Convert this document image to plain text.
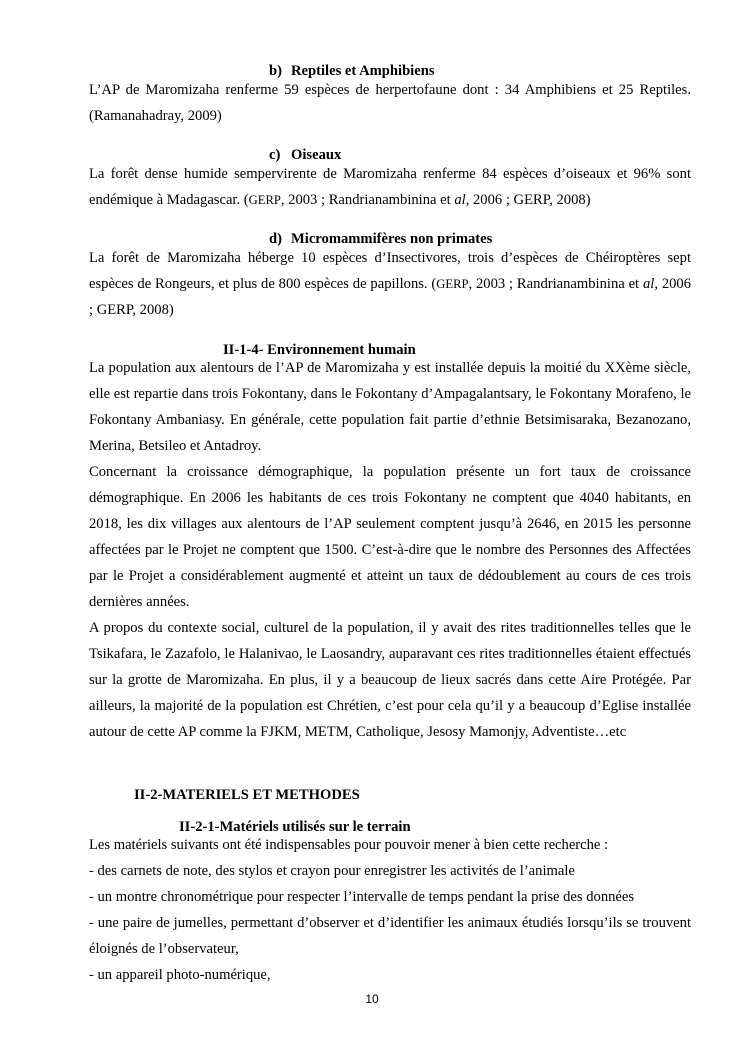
b) Reptiles et Amphibiens

L’AP de Maromizaha renferme 59 espèces de herpertofaune dont : 34 Amphibiens et 25 Reptiles. (Ramanahadray, 2009)

c) Oiseaux

La forêt dense humide sempervirente de Maromizaha renferme 84 espèces d’oiseaux et 96% sont endémique à Madagascar. (GERP, 2003 ; Randrianambinina et al, 2006 ; GERP, 2008)

d) Micromammifères non primates

La forêt de Maromizaha héberge 10 espèces d’Insectivores, trois d’espèces de Chéiroptères sept espèces de Rongeurs, et plus de 800 espèces de papillons. (GERP, 2003 ; Randrianambinina et al, 2006 ; GERP, 2008)

II-1-4- Environnement humain

La population aux alentours de l’AP de Maromizaha y est installée depuis la moitié du XXème siècle, elle est repartie dans trois Fokontany, dans le Fokontany d’Ampagalantsary, le Fokontany Morafeno, le Fokontany Ambaniasy. En générale, cette population fait partie d’ethnie Betsimisaraka, Bezanozano, Merina, Betsileo et Antadroy.

Concernant la croissance démographique, la population présente un fort taux de croissance démographique. En 2006 les habitants de ces trois Fokontany ne comptent que 4040 habitants, en 2018, les dix villages aux alentours de l’AP seulement comptent jusqu’à 2646, en 2015 les personne affectées par le Projet ne comptent que 1500. C’est-à-dire que le nombre des Personnes des Affectées par le Projet a considérablement augmenté et atteint un taux de dédoublement au cours de ces trois dernières années.

A propos du contexte social, culturel de la population, il y avait des rites traditionnelles telles que le Tsikafara, le Zazafolo, le Halanivao, le Laosandry, auparavant ces rites traditionnelles étaient effectués sur la grotte de Maromizaha. En plus, il y a beaucoup de lieux sacrés dans cette Aire Protégée. Par ailleurs, la majorité de la population est Chrétien, c’est pour cela qu’il y a beaucoup d’Eglise installée autour de cette AP comme la FJKM, METM, Catholique, Jesosy Mamonjy, Adventiste…etc

II-2-MATERIELS ET METHODES
II-2-1-Matériels utilisés sur le terrain

Les matériels suivants ont été indispensables pour pouvoir mener à bien cette recherche :

- des carnets de note, des stylos et crayon pour enregistrer les activités de l’animale

- un montre chronométrique pour respecter l’intervalle de temps pendant la prise des données

- une paire de jumelles, permettant d’observer et d’identifier les animaux étudiés lorsqu’ils se trouvent éloignés de l’observateur,

- un appareil photo-numérique,

10
